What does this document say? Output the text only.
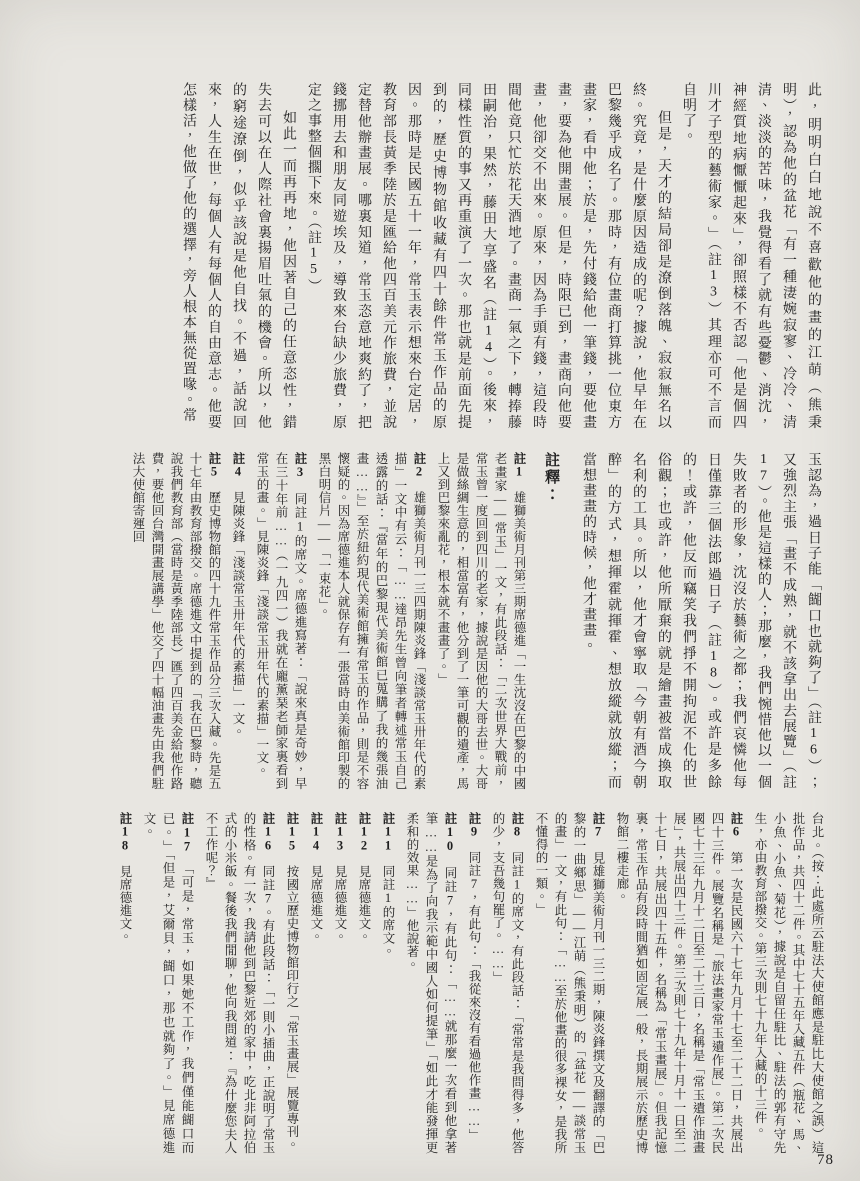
此，明明白白地說不喜歡他的畫的江萌（熊秉明），認為他的盆花「有一種淒婉寂寥、冷冷、清清、淡淡的苦味，我覺得看了就有些憂鬱、消沈，神經質地病懨懨起來」，卻照樣不否認「他是個四川才子型的藝術家。」（註13）其理亦可不言而自明了。

但是，天才的結局卻是潦倒落魄、寂寂無名以終。究竟，是什麼原因造成的呢？據說，他早年在巴黎幾乎成名了。那時，有位畫商打算挑一位東方畫家，看中他；於是，先付錢給他一筆錢，要他畫畫，要為他開畫展。但是，時限已到，畫商向他要畫，他卻交不出來。原來，因為手頭有錢，這段時間他竟只忙於花天酒地了。畫商一氣之下，轉捧藤田嗣治，果然，藤田大享盛名（註14）。後來，同樣性質的事又再重演了一次。那也就是前面先提到的，歷史博物館收藏有四十餘件常玉作品的原因。那時是民國五十一年，常玉表示想來台定居，教育部長黃季陸於是匯給他四百美元作旅費，並說定替他辦畫展。哪裏知道，常玉恣意地爽約了，把錢挪用去和朋友同遊埃及，導致來台缺少旅費，原定之事整個擱下來。（註15）

如此一而再再地，他因著自己的任意恣性，錯失去可以在人際社會裏揚眉吐氣的機會。所以，他的窮途潦倒，似乎該說是他自找。不過，話說回來，人生在世，每個人有每個人的自由意志。他要怎樣活，他做了他的選擇，旁人根本無從置喙。常

玉認為，過日子能「餬口也就夠了」（註16）；又強烈主張「畫不成熟，就不該拿出去展覽」（註17）。他是這樣的人；那麼，我們惋惜他以一個失敗者的形象，沈沒於藝術之都；我們哀憐他每日僅靠三個法郎過日子（註18）。或許是多餘的！或許，他反而竊笑我們掙不開拘泥不化的世俗觀；也或許，他所厭棄的就是繪畫被當成換取名利的工具。所以，他才會寧取「今朝有酒今朝醉」的方式，想揮霍就揮霍、想放縱就放縱；而當想畫畫的時候，他才畫畫。

註釋：
註1雄獅美術月刊第三期席德進「一生沈沒在巴黎的中國老畫家——常玉」一文，有此段話：「二次世界大戰前，常玉曾一度回到四川的老家，據說是因他的大哥去世。大哥是做絲綢生意的，相當富有，他分到了一筆可觀的遺產，馬上又到巴黎來亂花，根本就不畫畫了。」
註2雄獅美術月刊一三四期陳炎鋒「淺談常玉卅年代的素描」一文中有云：「……達昂先生曾向筆者轉述常玉自己透露的話：『當年的巴黎現代美術館已蒐購了我的幾張油畫……』」至於紐約現代美術館擁有常玉的作品，則是不容懷疑的。因為席德進本人就保存有一張當時由美術館印製的黑白明信片——「一束花」。
註3同註1的席文。席德進寫著：「說來真是奇妙，早在三十年前……（一九四一）我就在龐薰琹老師家裏看到常玉的畫。」見陳炎鋒「淺談常玉卅年代的素描」一文。
註4見陳炎鋒「淺談常玉卅年代的素描」一文。
註5歷史博物館的四十九件常玉作品分三次入藏。先是五十七年由教育部撥交。席德進文中提到的「我在巴黎時，聽說我們教育部（當時是黃季陸部長）匯了四百美金給他作路費，要他回台灣開畫展講學」他交了四十幅油畫先由我們駐法大使館寄運回

台北。（按：此處所云駐法大使館應是駐比大使館之誤）這批作品，共四十二件。其中七十五年入藏五件（瓶花、馬、小魚、小魚、菊花），據說是自留任駐比、駐法的郭有守先生，亦由教育部撥交。第三次則七十九年入藏的十三件。

註6第一次是民國六十七年九月十七至二十二日，共展出四十三件。展覽名稱是「旅法畫家常玉遺作展」。第二次民國七十三年九月十二日至二十三日，名稱是「常玉遺作油畫展」，共展出四十三件。第三次則七十九年十月十一日至二十七日，共展出四十五件，名稱為「常玉畫展」。但我記憶裏，常玉作品有段時間猶如固定展一般，長期展示於歷史博物館二樓走廊。
註7見雄獅美術月刊一三二期，陳炎鋒撰文及翻譯的「巴黎的一曲鄉思」——江萌（熊秉明）的「盆花——談常玉的畫」一文，有此句：「……至於他畫的很多裸女，是我所不懂得的一類。」
註8同註1的席文，有此段話：「常常是我問得多，他答的少，支吾幾句罷了。……」
註9同註7，有此句：「我從來沒有看過他作畫……」
註10同註7，有此句：「……就那麼一次看到他拿著筆……是為了向我示範中國人如何提筆」「如此才能發揮更柔和的效果……」他說著。
註11同註1的席文。
註12見席德進文。
註13見席德進文。
註14見席德進文。
註15按國立歷史博物館印行之「常玉畫展」展覽專刊。
註16同註7。有此段話：「一則小插曲，正說明了常玉的性格。有一次，我請他到巴黎近郊的家中，吃北非阿拉伯式的小米飯。餐後我們閒聊，他向我問道：『為什麼您夫人不工作呢？』
註17「可是，常玉，如果她不工作，我們僅能餬口而已。」「但是，艾爾貝，餬口，那也就夠了。」見席德進文。
註18見席德進文。
78
